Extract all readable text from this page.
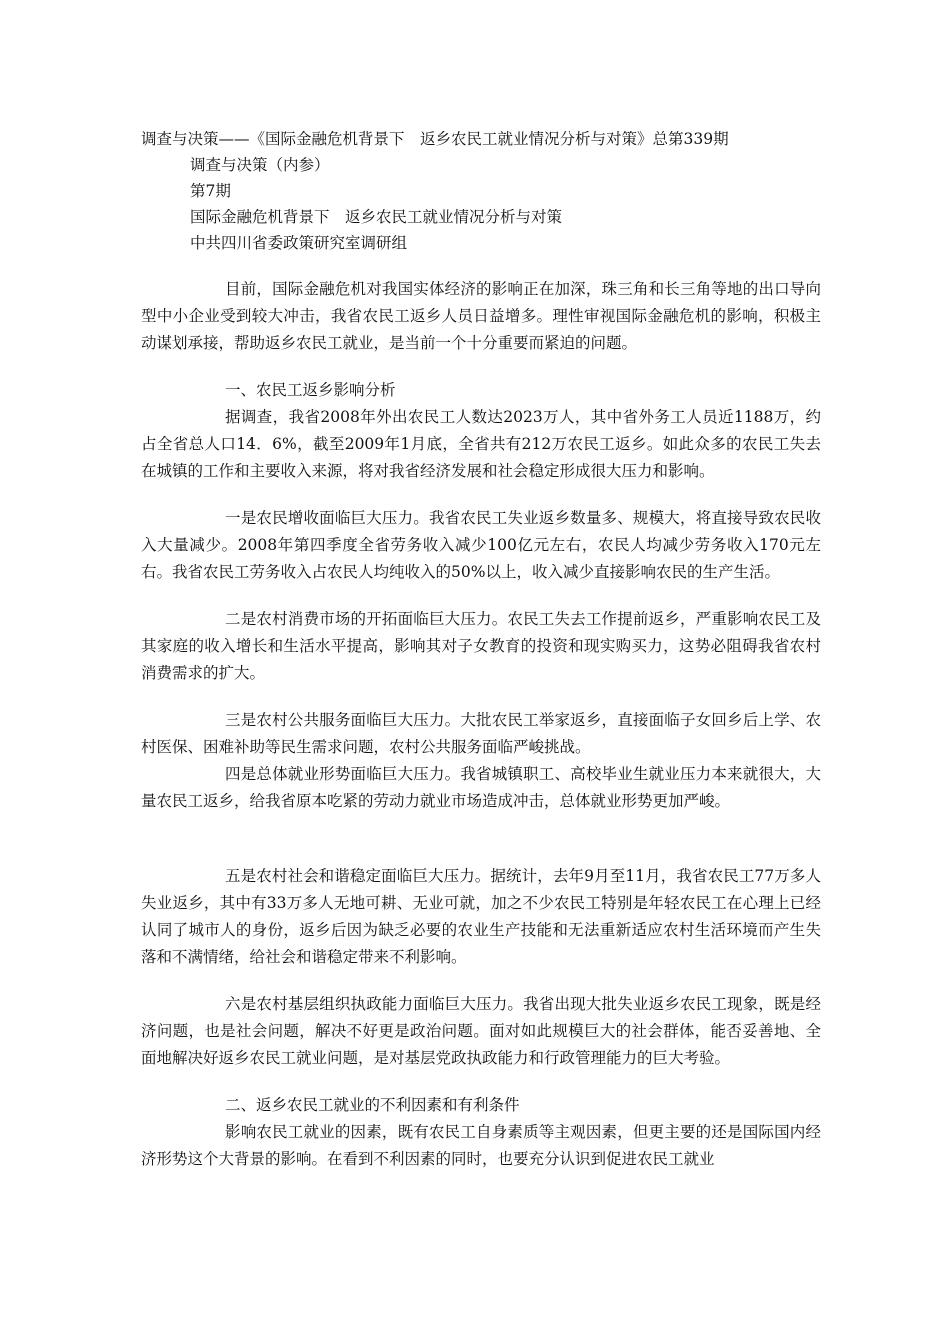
调查与决策——《国际金融危机背景下　返乡农民工就业情况分析与对策》总第339期

调查与决策（内参）

第7期

国际金融危机背景下　返乡农民工就业情况分析与对策

中共四川省委政策研究室调研组

目前，国际金融危机对我国实体经济的影响正在加深，珠三角和长三角等地的出口导向型中小企业受到较大冲击，我省农民工返乡人员日益增多。理性审视国际金融危机的影响，积极主动谋划承接，帮助返乡农民工就业，是当前一个十分重要而紧迫的问题。

一、农民工返乡影响分析

据调查，我省2008年外出农民工人数达2023万人，其中省外务工人员近1188万，约占全省总人口14．6%，截至2009年1月底，全省共有212万农民工返乡。如此众多的农民工失去在城镇的工作和主要收入来源，将对我省经济发展和社会稳定形成很大压力和影响。

一是农民增收面临巨大压力。我省农民工失业返乡数量多、规模大，将直接导致农民收入大量减少。2008年第四季度全省劳务收入减少100亿元左右，农民人均减少劳务收入170元左右。我省农民工劳务收入占农民人均纯收入的50%以上，收入减少直接影响农民的生产生活。

二是农村消费市场的开拓面临巨大压力。农民工失去工作提前返乡，严重影响农民工及其家庭的收入增长和生活水平提高，影响其对子女教育的投资和现实购买力，这势必阻碍我省农村消费需求的扩大。

三是农村公共服务面临巨大压力。大批农民工举家返乡，直接面临子女回乡后上学、农村医保、困难补助等民生需求问题，农村公共服务面临严峻挑战。

四是总体就业形势面临巨大压力。我省城镇职工、高校毕业生就业压力本来就很大，大量农民工返乡，给我省原本吃紧的劳动力就业市场造成冲击，总体就业形势更加严峻。

五是农村社会和谐稳定面临巨大压力。据统计，去年9月至11月，我省农民工77万多人失业返乡，其中有33万多人无地可耕、无业可就，加之不少农民工特别是年轻农民工在心理上已经认同了城市人的身份，返乡后因为缺乏必要的农业生产技能和无法重新适应农村生活环境而产生失落和不满情绪，给社会和谐稳定带来不利影响。

六是农村基层组织执政能力面临巨大压力。我省出现大批失业返乡农民工现象，既是经济问题，也是社会问题，解决不好更是政治问题。面对如此规模巨大的社会群体，能否妥善地、全面地解决好返乡农民工就业问题，是对基层党政执政能力和行政管理能力的巨大考验。

二、返乡农民工就业的不利因素和有利条件

影响农民工就业的因素，既有农民工自身素质等主观因素，但更主要的还是国际国内经济形势这个大背景的影响。在看到不利因素的同时，也要充分认识到促进农民工就业
